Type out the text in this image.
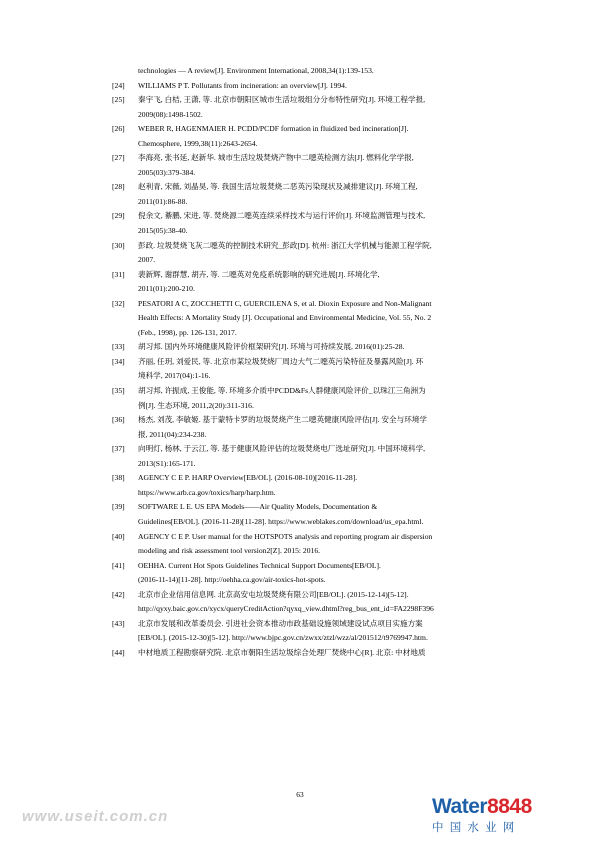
technologies — A review[J]. Environment International, 2008,34(1):139-153.
[24]	WILLIAMS P T. Pollutants from incineration: an overview[J]. 1994.
[25]	秦宇飞, 白桔, 王潇, 等. 北京市朝阳区城市生活垃圾组分分布特性研究[J]. 环境工程学报,
2009(08):1498-1502.
[26]	WEBER R, HAGENMAIER H. PCDD/PCDF formation in fluidized bed incineration[J].
Chemosphere, 1999,38(11):2643-2654.
[27]	李海亮, 张书延, 赵新华. 城市生活垃圾焚烧产物中二噁英检测方法[J]. 燃料化学学报,
2005(03):379-384.
[28]	赵利青, 宋薇, 刘晶昊, 等. 我国生活垃圾焚烧二恶英污染现状及减排建议[J]. 环境工程,
2011(01):86-88.
[29]	倪余文, 綦鹏, 宋进, 等. 焚烧源二噁英连续采样技术与运行评价[J]. 环境监测管理与技术,
2015(05):38-40.
[30]	彭政. 垃圾焚烧飞灰二噁英的控制技术研究_彭政[D]. 杭州: 浙江大学机械与能源工程学院,
2007.
[31]	裴新辉, 谢群慧, 胡卉, 等. 二噁英对免疫系统影响的研究进展[J]. 环境化学,
2011(01):200-210.
[32]	PESATORI A C, ZOCCHETTI C, GUERCILENA S, et al. Dioxin Exposure and Non-Malignant
Health Effects: A Mortality Study [J]. Occupational and Environmental Medicine, Vol. 55, No. 2
(Feb., 1998), pp. 126-131, 2017.
[33]	胡习邦. 国内外环境健康风险评价框架研究[J]. 环境与可持续发展, 2016(01):25-28.
[34]	齐丽, 任玥, 刘爱民, 等. 北京市某垃圾焚烧厂周边大气二噁英污染特征及暴露风险[J]. 环
境科学, 2017(04):1-16.
[35]	胡习邦, 许振成, 王俊能, 等. 环境多介质中PCDD&Fs人群健康风险评价_以珠江三角洲为
例[J]. 生态环境, 2011,2(20):311-316.
[36]	杨杰, 刘茂, 李敏姬. 基于蒙特卡罗的垃圾焚烧产生二噁英健康风险评估[J]. 安全与环境学
报, 2011(04):234-238.
[37]	向明灯, 杨林, 于云江, 等. 基于健康风险评估的垃圾焚烧电厂选址研究[J]. 中国环境科学,
2013(S1):165-171.
[38]	AGENCY C E P. HARP Overview[EB/OL]. (2016-08-10)[2016-11-28].
https://www.arb.ca.gov/toxics/harp/harp.htm.
[39]	SOFTWARE L E. US EPA Models——Air Quality Models, Documentation &
Guidelines[EB/OL]. (2016-11-28)[11-28]. https://www.weblakes.com/download/us_epa.html.
[40]	AGENCY C E P. User manual for the HOTSPOTS analysis and reporting program air dispersion
modeling and risk assessment tool version2[Z]. 2015: 2016.
[41]	OEHHA. Current Hot Spots Guidelines Technical Support Documents[EB/OL].
(2016-11-14)[11-28]. http://oehha.ca.gov/air-toxics-hot-spots.
[42]	北京市企业信用信息网. 北京高安屯垃圾焚烧有限公司[EB/OL]. (2015-12-14)[5-12].
http://qyxy.baic.gov.cn/xycx/queryCreditAction?qyxq_view.dhtml?reg_bus_ent_id=FA2298F396
[43]	北京市发展和改革委员会. 引进社会资本推动市政基础设施领域建设试点项目实施方案
[EB/OL]. (2015-12-30)[5-12]. http://www.bjpc.gov.cn/zwxx/ztzl/wzz/al/201512/t9769947.htm.
[44]	中材地质工程勘察研究院. 北京市朝阳生活垃圾综合处理厂焚烧中心[R]. 北京: 中材地质
63
www.useit.com.cn	Water8848
中 国 水 业 网
